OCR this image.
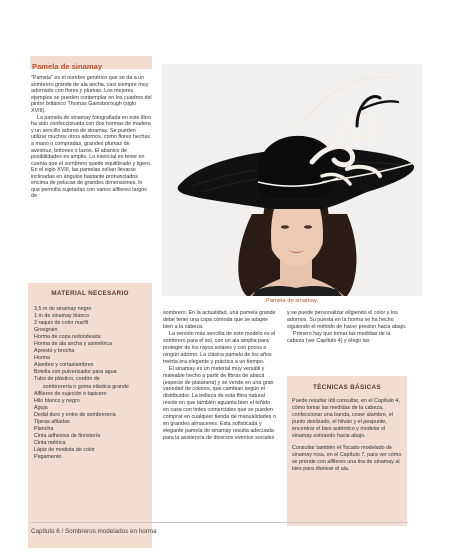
Pamela de sinamay

"Pamela" es el nombre genérico que se da a un sombrero grande de ala ancha, casi siempre muy adornado con flores y plumas. Los mejores ejemplos se pueden contemplar en los cuadros del pintor británico Thomas Gainsborough (siglo XVIII).

La pamela de sinamay fotografiada en este libro ha sido confeccionada con dos hormas de madera y un sencillo adorno de sinamay. Se pueden utilizar muchos otros adornos, como flores hechas a mano o compradas, grandes plumas de avestruz, botones o lazos. El abanico de posibilidades es amplio. Lo esencial es tener en cuenta que el sombrero quede equilibrado y ligero. En el siglo XVIII, las pamelas solían llevarse inclinadas en ángulos bastante pronunciados encima de pelucas de grandes dimensiones, lo que permitía sujetarlas con varios alfileres largos de

Pamela de sinamay.
MATERIAL NECESARIO
3,5 m de sinamay negro
1 m de sinamay blanco
2 raquis de color marfil
Grosgrain
Horma de copa redondeada
Horma de ala ancha y asimétrica
Apresto y brocha
Horma
Alambre y cortaalambres
Botella con pulverizador para agua
Tubo de plástico, cordón de
sombrerería o goma elástica grande
Alfileres de sujeción o tapicero
Hilo blanco y negro
Aguja
Dedal duro y entre de sombrerería
Tijeras afiladas
Plancha
Cinta adhesiva de floristería
Cinta métrica
Lápiz de modista de color
Pegamento

sombrero. En la actualidad, una pamela grande debe tener una copa cómoda que se adapte bien a la cabeza.

La versión más sencilla de este modelo es el sombrero para el sol, con un ala amplia para proteger de los rayos solares y con pocos o ningún adorno. La clásica pamela de los años treinta era elegante y práctica a un tiempo.

El sinamay es un material muy versátil y maleable hecho a partir de fibras de abacá (especie de platanera) y se vende en una gran variedad de colores, que cambian según el distribuidor. La belleza de esta fibra natural reside en que también aguanta bien el teñido en casa con tintes comerciales que se pueden comprar en cualquier tienda de manualidades o en grandes almacenes. Esta sofisticada y elegante pamela de sinamay resulta adecuada para la asistencia de diversos eventos sociales

y se puede personalizar eligiendo el color y los adornos. Su puesta en la horma se ha hecho siguiendo el método de hacer presión hacia abajo.

Primero hay que tomar las medidas de la cabeza (ver Capítulo 4) y elegir las

TÉCNICAS BÁSICAS

Puede resultar útil consultar, en el Capítulo 4, cómo tomar las medidas de la cabeza, confeccionar una banda, coser alambre, el punto deslizado, el hilván y el pespunte, encontrar el bies auténtico y modelar el sinamay estirando hacia abajo.

Consultar también el Tocado modelado de sinamay rosa, en el Capítulo 7, para ver cómo se prende con alfileres una tira de sinamay al bies para ribetear el ala.

Capítulo 6 / Sombreros modelados en horma
